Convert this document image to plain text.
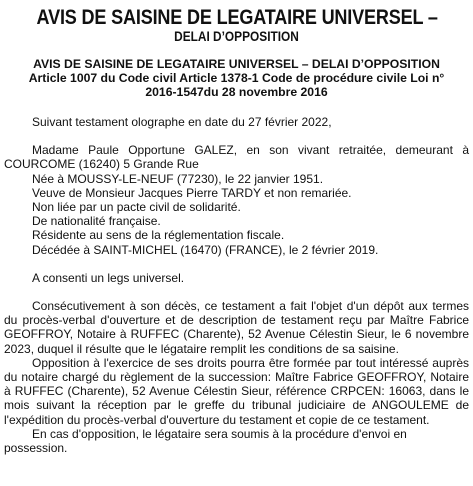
AVIS DE SAISINE DE LEGATAIRE UNIVERSEL –
DELAI D’OPPOSITION
AVIS DE SAISINE DE LEGATAIRE UNIVERSEL – DELAI D’OPPOSITION
Article 1007 du Code civil Article 1378-1 Code de procédure civile Loi n°
2016-1547du 28 novembre 2016

Suivant testament olographe en date du 27 février 2022,

Madame Paule Opportune GALEZ, en son vivant retraitée, demeurant à

COURCOME (16240) 5 Grande Rue

Née à MOUSSY-LE-NEUF (77230), le 22 janvier 1951.

Veuve de Monsieur Jacques Pierre TARDY et non remariée.

Non liée par un pacte civil de solidarité.

De nationalité française.

Résidente au sens de la réglementation fiscale.

Décédée à SAINT-MICHEL (16470) (FRANCE), le 2 février 2019.

A consenti un legs universel.

Consécutivement à son décès, ce testament a fait l'objet d'un dépôt aux termes du procès-verbal d'ouverture et de description de testament reçu par Maître Fabrice GEOFFROY, Notaire à RUFFEC (Charente), 52 Avenue Célestin Sieur, le 6 novembre 2023, duquel il résulte que le légataire remplit les conditions de sa saisine.

Opposition à l'exercice de ses droits pourra être formée par tout intéressé auprès du notaire chargé du règlement de la succession: Maître Fabrice GEOFFROY, Notaire à RUFFEC (Charente), 52 Avenue Célestin Sieur, référence CRPCEN: 16063, dans le mois suivant la réception par le greffe du tribunal judiciaire de ANGOULEME de l'expédition du procès-verbal d'ouverture du testament et copie de ce testament.

En cas d'opposition, le légataire sera soumis à la procédure d'envoi en possession.
